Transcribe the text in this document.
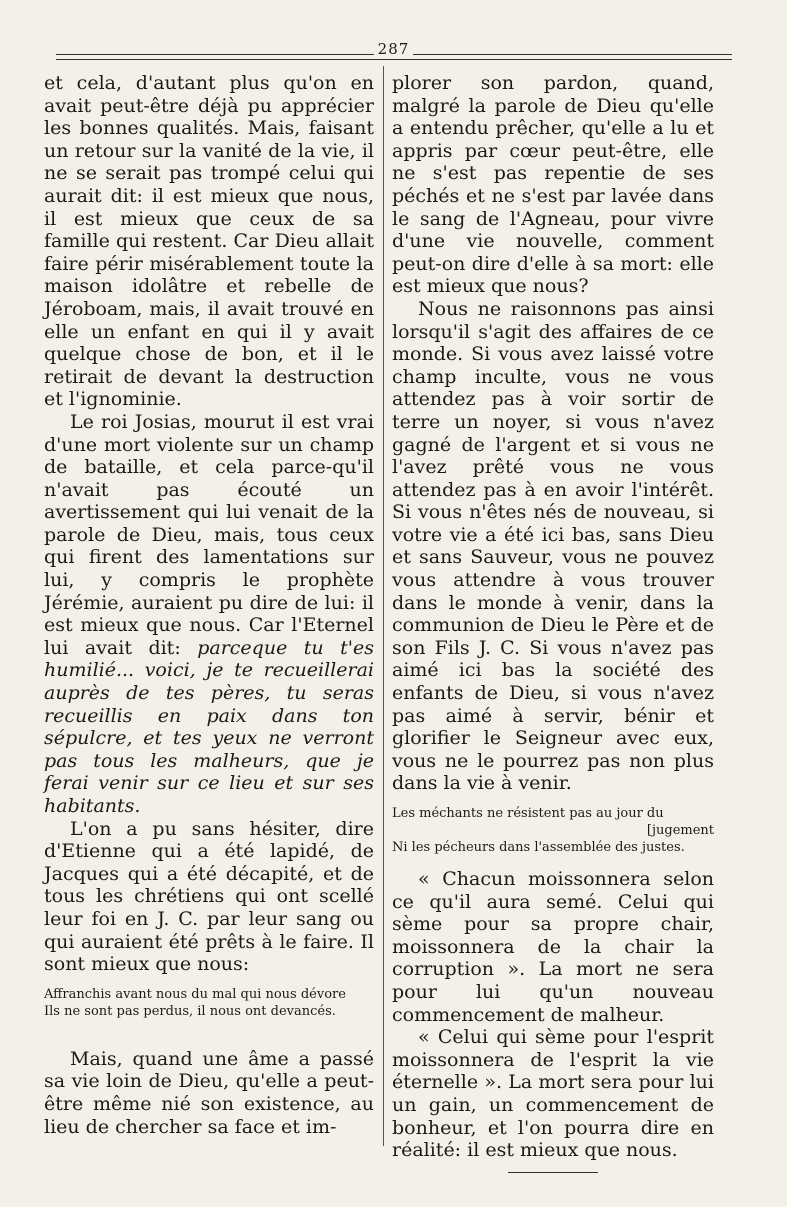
287

et cela, d'autant plus qu'on en avait peut-être déjà pu apprécier les bonnes qualités. Mais, faisant un retour sur la vanité de la vie, il ne se serait pas trompé celui qui aurait dit: il est mieux que nous, il est mieux que ceux de sa famille qui restent. Car Dieu allait faire périr misérablement toute la maison idolâtre et rebelle de Jéroboam, mais, il avait trouvé en elle un enfant en qui il y avait quelque chose de bon, et il le retirait de devant la destruction et l'ignominie.

Le roi Josias, mourut il est vrai d'une mort violente sur un champ de bataille, et cela parce-qu'il n'avait pas écouté un avertissement qui lui venait de la parole de Dieu, mais, tous ceux qui firent des lamentations sur lui, y compris le prophète Jérémie, auraient pu dire de lui: il est mieux que nous. Car l'Eternel lui avait dit: parceque tu t'es humilié... voici, je te recueillerai auprès de tes pères, tu seras recueillis en paix dans ton sépulcre, et tes yeux ne verront pas tous les malheurs, que je ferai venir sur ce lieu et sur ses habitants.

L'on a pu sans hésiter, dire d'Etienne qui a été lapidé, de Jacques qui a été décapité, et de tous les chrétiens qui ont scellé leur foi en J. C. par leur sang ou qui auraient été prêts à le faire. Il sont mieux que nous:

Affranchis avant nous du mal qui nous dévore
Ils ne sont pas perdus, il nous ont devancés.

Mais, quand une âme a passé sa vie loin de Dieu, qu'elle a peut-être même nié son existence, au lieu de chercher sa face et im-

plorer son pardon, quand, malgré la parole de Dieu qu'elle a entendu prêcher, qu'elle a lu et appris par cœur peut-être, elle ne s'est pas repentie de ses péchés et ne s'est par lavée dans le sang de l'Agneau, pour vivre d'une vie nouvelle, comment peut-on dire d'elle à sa mort: elle est mieux que nous?

Nous ne raisonnons pas ainsi lorsqu'il s'agit des affaires de ce monde. Si vous avez laissé votre champ inculte, vous ne vous attendez pas à voir sortir de terre un noyer, si vous n'avez gagné de l'argent et si vous ne l'avez prêté vous ne vous attendez pas à en avoir l'intérêt. Si vous n'êtes nés de nouveau, si votre vie a été ici bas, sans Dieu et sans Sauveur, vous ne pouvez vous attendre à vous trouver dans le monde à venir, dans la communion de Dieu le Père et de son Fils J. C. Si vous n'avez pas aimé ici bas la société des enfants de Dieu, si vous n'avez pas aimé à servir, bénir et glorifier le Seigneur avec eux, vous ne le pourrez pas non plus dans la vie à venir.

Les méchants ne résistent pas au jour du
[jugement
Ni les pécheurs dans l'assemblée des justes.

« Chacun moissonnera selon ce qu'il aura semé. Celui qui sème pour sa propre chair, moissonnera de la chair la corruption ». La mort ne sera pour lui qu'un nouveau commencement de malheur.

« Celui qui sème pour l'esprit moissonnera de l'esprit la vie éternelle ». La mort sera pour lui un gain, un commencement de bonheur, et l'on pourra dire en réalité: il est mieux que nous.
